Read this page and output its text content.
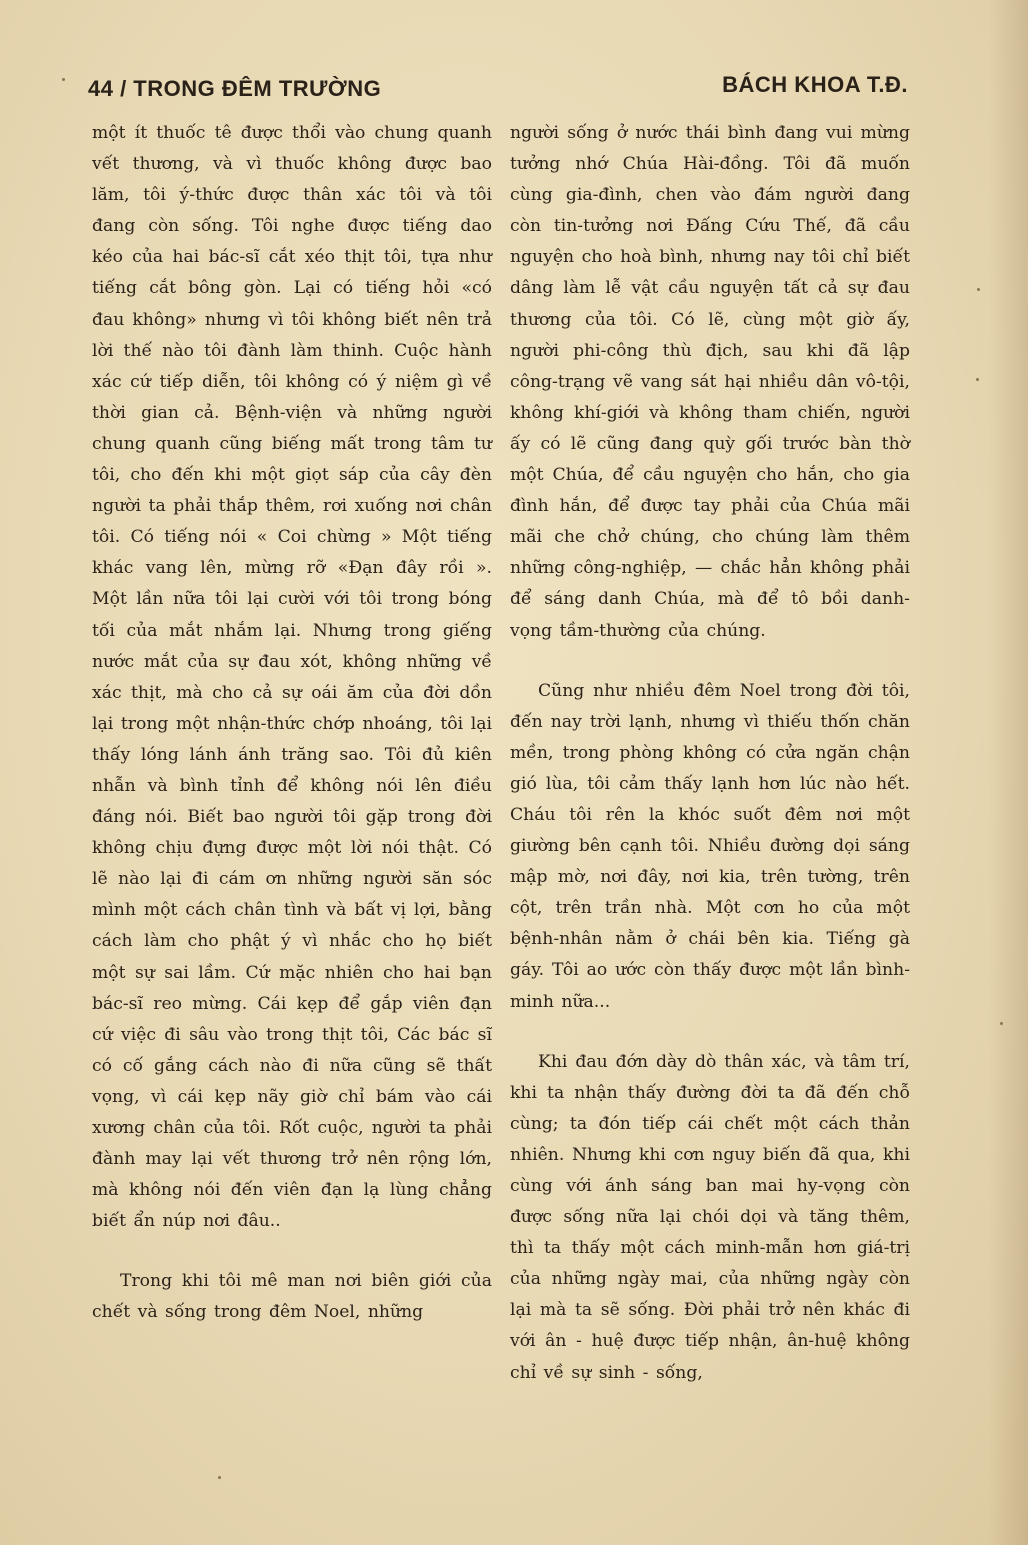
44 / TRONG ĐÊM TRƯỜNG	BÁCH KHOA T.Đ.

một ít thuốc tê được thổi vào chung quanh vết thương, và vì thuốc không được bao lăm, tôi ý-thức được thân xác tôi và tôi đang còn sống. Tôi nghe được tiếng dao kéo của hai bác-sĩ cắt xéo thịt tôi, tựa như tiếng cắt bông gòn. Lại có tiếng hỏi «có đau không» nhưng vì tôi không biết nên trả lời thế nào tôi đành làm thinh. Cuộc hành xác cứ tiếp diễn, tôi không có ý niệm gì về thời gian cả. Bệnh-viện và những người chung quanh cũng biếng mất trong tâm tư tôi, cho đến khi một giọt sáp của cây đèn người ta phải thắp thêm, rơi xuống nơi chân tôi. Có tiếng nói « Coi chừng » Một tiếng khác vang lên, mừng rỡ «Đạn đây rồi ». Một lần nữa tôi lại cười với tôi trong bóng tối của mắt nhắm lại. Nhưng trong giếng nước mắt của sự đau xót, không những về xác thịt, mà cho cả sự oái ăm của đời dồn lại trong một nhận-thức chớp nhoáng, tôi lại thấy lóng lánh ánh trăng sao. Tôi đủ kiên nhẫn và bình tỉnh để không nói lên điều đáng nói. Biết bao người tôi gặp trong đời không chịu đựng được một lời nói thật. Có lẽ nào lại đi cám ơn những người săn sóc mình một cách chân tình và bất vị lợi, bằng cách làm cho phật ý vì nhắc cho họ biết một sự sai lầm. Cứ mặc nhiên cho hai bạn bác-sĩ reo mừng. Cái kẹp để gắp viên đạn cứ việc đi sâu vào trong thịt tôi, Các bác sĩ có cố gắng cách nào đi nữa cũng sẽ thất vọng, vì cái kẹp nãy giờ chỉ bám vào cái xương chân của tôi. Rốt cuộc, người ta phải đành may lại vết thương trở nên rộng lớn, mà không nói đến viên đạn lạ lùng chẳng biết ẩn núp nơi đâu..

Trong khi tôi mê man nơi biên giới của chết và sống trong đêm Noel, những

người sống ở nước thái bình đang vui mừng tưởng nhớ Chúa Hài-đồng. Tôi đã muốn cùng gia-đình, chen vào đám người đang còn tin-tưởng nơi Đấng Cứu Thế, đã cầu nguyện cho hoà bình, nhưng nay tôi chỉ biết dâng làm lễ vật cầu nguyện tất cả sự đau thương của tôi. Có lẽ, cùng một giờ ấy, người phi-công thù địch, sau khi đã lập công-trạng vẽ vang sát hại nhiều dân vô-tội, không khí-giới và không tham chiến, người ấy có lẽ cũng đang quỳ gối trước bàn thờ một Chúa, để cầu nguyện cho hắn, cho gia đình hắn, để được tay phải của Chúa mãi mãi che chở chúng, cho chúng làm thêm những công-nghiệp, — chắc hẳn không phải để sáng danh Chúa, mà để tô bồi danh-vọng tầm-thường của chúng.

Cũng như nhiều đêm Noel trong đời tôi, đến nay trời lạnh, nhưng vì thiếu thốn chăn mền, trong phòng không có cửa ngăn chận gió lùa, tôi cảm thấy lạnh hơn lúc nào hết. Cháu tôi rên la khóc suốt đêm nơi một giường bên cạnh tôi. Nhiều đường dọi sáng mập mờ, nơi đây, nơi kia, trên tường, trên cột, trên trần nhà. Một cơn ho của một bệnh-nhân nằm ở chái bên kia. Tiếng gà gáy. Tôi ao ước còn thấy được một lần bình-minh nữa...

Khi đau đớn dày dò thân xác, và tâm trí, khi ta nhận thấy đường đời ta đã đến chỗ cùng; ta đón tiếp cái chết một cách thản nhiên. Nhưng khi cơn nguy biến đã qua, khi cùng với ánh sáng ban mai hy-vọng còn được sống nữa lại chói dọi và tăng thêm, thì ta thấy một cách minh-mẫn hơn giá-trị của những ngày mai, của những ngày còn lại mà ta sẽ sống. Đời phải trở nên khác đi với ân - huệ được tiếp nhận, ân-huệ không chỉ về sự sinh - sống,
